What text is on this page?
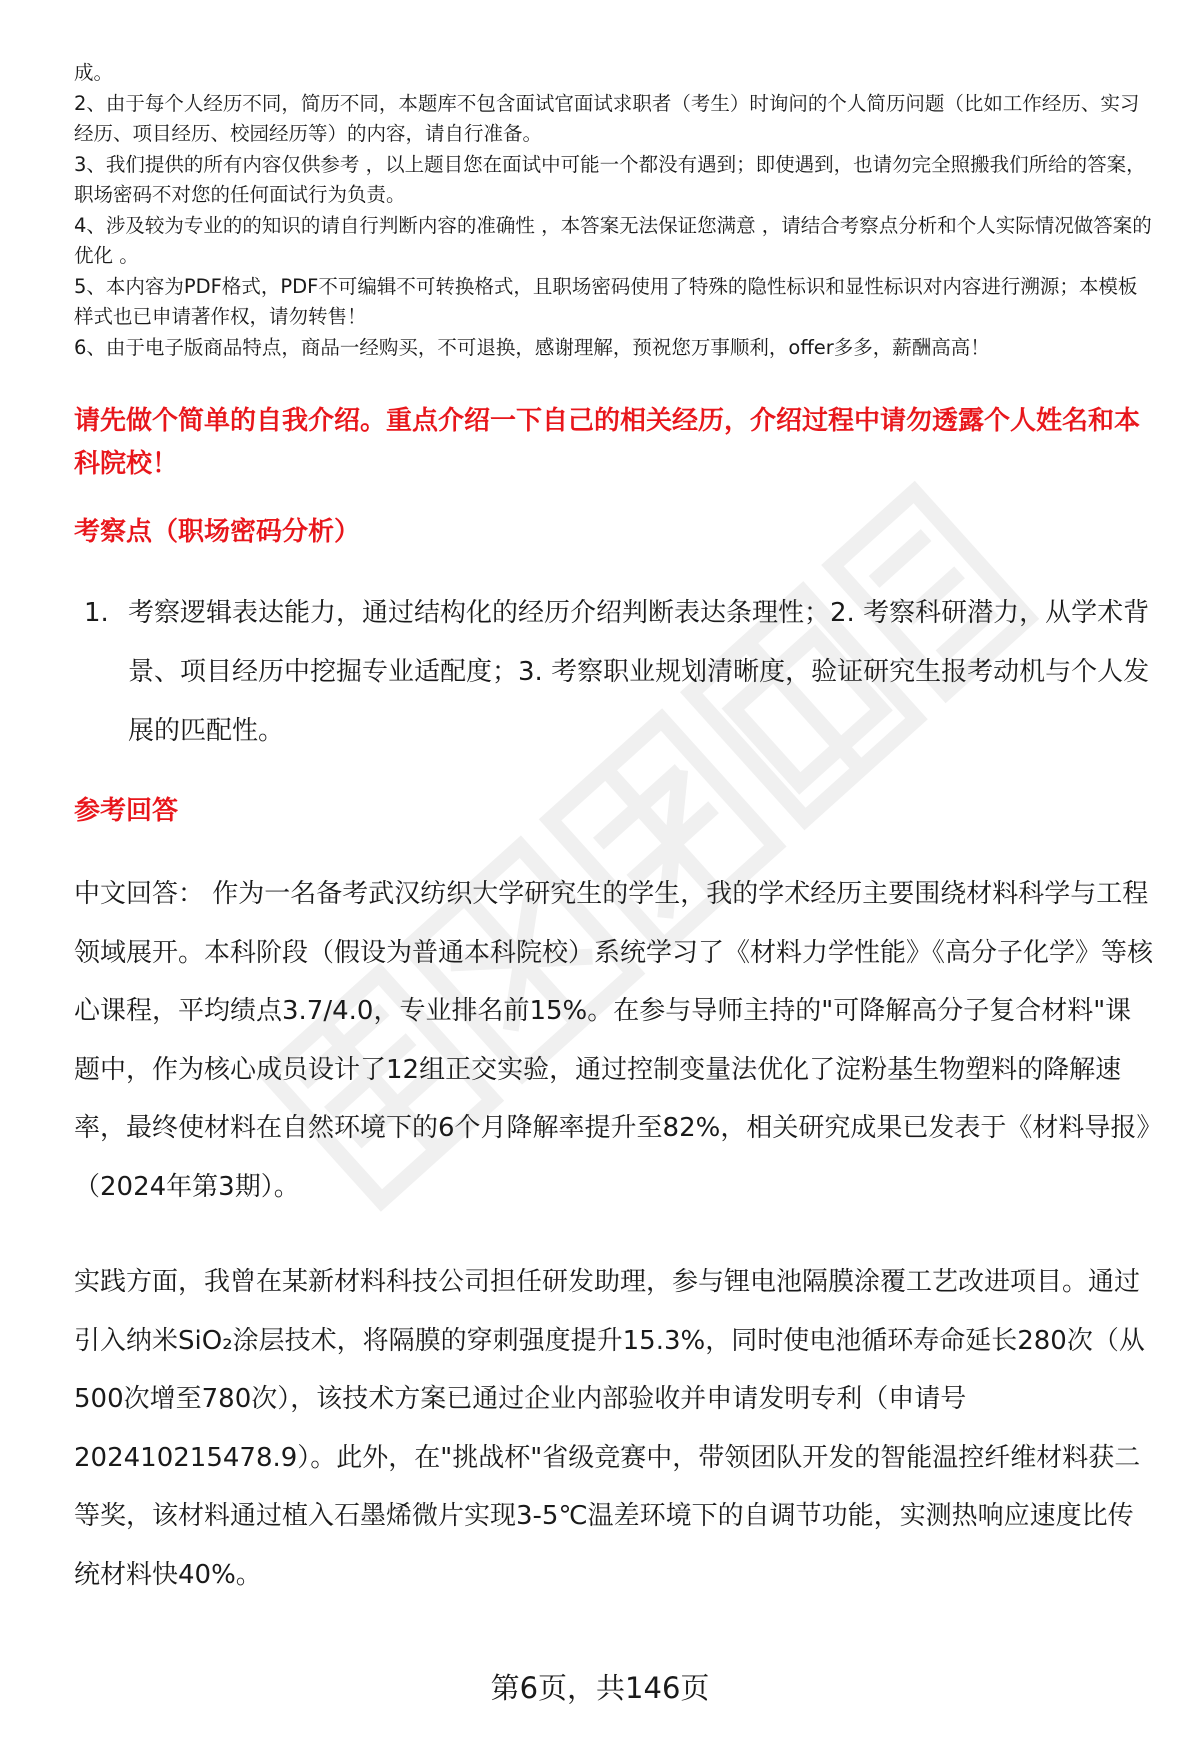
成。

2、由于每个人经历不同，简历不同，本题库不包含面试官面试求职者（考生）时询问的个人简历问题（比如工作经历、实习经历、项目经历、校园经历等）的内容，请自行准备。

3、我们提供的所有内容仅供参考 ，以上题目您在面试中可能一个都没有遇到；即使遇到，也请勿完全照搬我们所给的答案，职场密码不对您的任何面试行为负责。

4、涉及较为专业的的知识的请自行判断内容的准确性 ，本答案无法保证您满意 ，请结合考察点分析和个人实际情况做答案的优化 。

5、本内容为PDF格式，PDF不可编辑不可转换格式，且职场密码使用了特殊的隐性标识和显性标识对内容进行溯源；本模板样式也已申请著作权，请勿转售！

6、由于电子版商品特点，商品一经购买，不可退换，感谢理解，预祝您万事顺利，offer多多，薪酬高高！

请先做个简单的自我介绍。重点介绍一下自己的相关经历，介绍过程中请勿透露个人姓名和本科院校！

考察点（职场密码分析）
1. 考察逻辑表达能力，通过结构化的经历介绍判断表达条理性；2. 考察科研潜力，从学术背景、项目经历中挖掘专业适配度；3. 考察职业规划清晰度，验证研究生报考动机与个人发展的匹配性。
参考回答

中文回答： 作为一名备考武汉纺织大学研究生的学生，我的学术经历主要围绕材料科学与工程领域展开。本科阶段（假设为普通本科院校）系统学习了《材料力学性能》《高分子化学》等核心课程，平均绩点3.7/4.0，专业排名前15%。在参与导师主持的"可降解高分子复合材料"课题中，作为核心成员设计了12组正交实验，通过控制变量法优化了淀粉基生物塑料的降解速率，最终使材料在自然环境下的6个月降解率提升至82%，相关研究成果已发表于《材料导报》（2024年第3期）。

实践方面，我曾在某新材料科技公司担任研发助理，参与锂电池隔膜涂覆工艺改进项目。通过引入纳米SiO₂涂层技术，将隔膜的穿刺强度提升15.3%，同时使电池循环寿命延长280次（从500次增至780次），该技术方案已通过企业内部验收并申请发明专利（申请号202410215478.9）。此外，在"挑战杯"省级竞赛中，带领团队开发的智能温控纤维材料获二等奖，该材料通过植入石墨烯微片实现3-5℃温差环境下的自调节功能，实测热响应速度比传统材料快40%。

第6页，共146页
